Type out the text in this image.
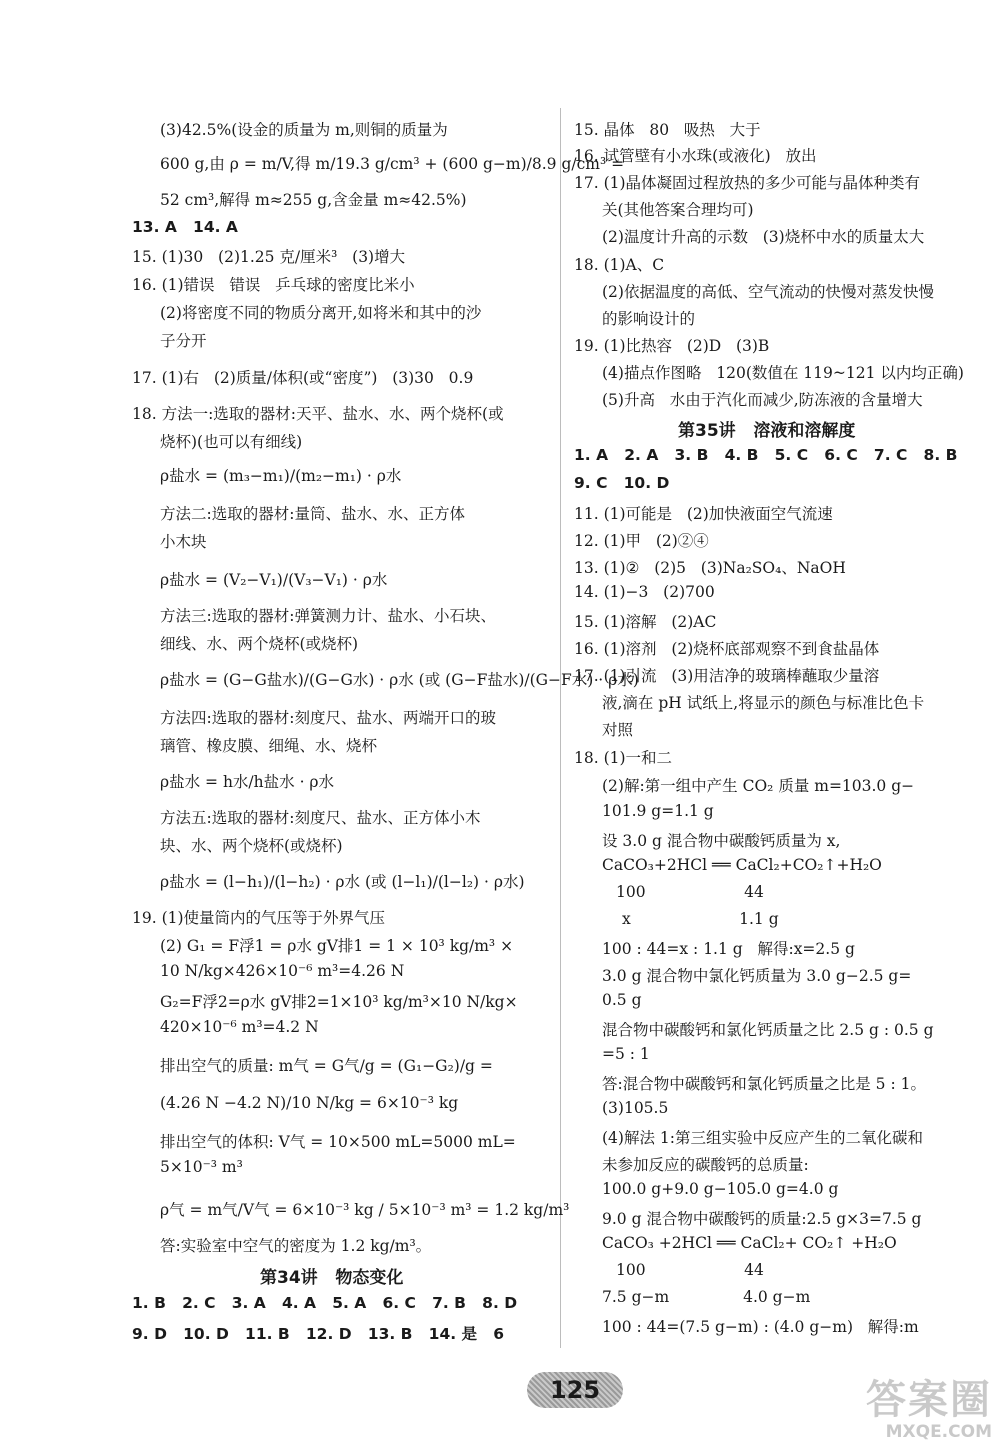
(3)42.5%(设金的质量为 m,则铜的质量为
600 g,由 ρ = m/V,得 m/19.3 g/cm³ + (600 g−m)/8.9 g/cm³ =
52 cm³,解得 m≈255 g,含金量 m≈42.5%)
13. A   14. A
15. (1)30   (2)1.25 克/厘米³   (3)增大
16. (1)错误   错误   乒乓球的密度比米小
(2)将密度不同的物质分离开,如将米和其中的沙
子分开
17. (1)右   (2)质量/体积(或“密度”)   (3)30   0.9
18. 方法一:选取的器材:天平、盐水、水、两个烧杯(或
烧杯)(也可以有细线)
ρ盐水 = (m₃−m₁)/(m₂−m₁) · ρ水
方法二:选取的器材:量筒、盐水、水、正方体
小木块
ρ盐水 = (V₂−V₁)/(V₃−V₁) · ρ水
方法三:选取的器材:弹簧测力计、盐水、小石块、
细线、水、两个烧杯(或烧杯)
ρ盐水 = (G−G盐水)/(G−G水) · ρ水 (或 (G−F盐水)/(G−F水) · ρ水)
方法四:选取的器材:刻度尺、盐水、两端开口的玻
璃管、橡皮膜、细绳、水、烧杯
ρ盐水 = h水/h盐水 · ρ水
方法五:选取的器材:刻度尺、盐水、正方体小木
块、水、两个烧杯(或烧杯)
ρ盐水 = (l−h₁)/(l−h₂) · ρ水 (或 (l−l₁)/(l−l₂) · ρ水)
19. (1)使量筒内的气压等于外界气压
(2) G₁ = F浮1 = ρ水 gV排1 = 1 × 10³ kg/m³ ×
10 N/kg×426×10⁻⁶ m³=4.26 N
G₂=F浮2=ρ水 gV排2=1×10³ kg/m³×10 N/kg×
420×10⁻⁶ m³=4.2 N
排出空气的质量: m气 = G气/g = (G₁−G₂)/g =
(4.26 N −4.2 N)/10 N/kg = 6×10⁻³ kg
排出空气的体积: V气 = 10×500 mL=5000 mL=
5×10⁻³ m³
ρ气 = m气/V气 = 6×10⁻³ kg / 5×10⁻³ m³ = 1.2 kg/m³
答:实验室中空气的密度为 1.2 kg/m³。
第34讲   物态变化
1. B   2. C   3. A   4. A   5. A   6. C   7. B   8. D
9. D   10. D   11. B   12. D   13. B   14. 是   6
15. 晶体   80   吸热   大于
16. 试管壁有小水珠(或液化)   放出
17. (1)晶体凝固过程放热的多少可能与晶体种类有
关(其他答案合理均可)
(2)温度计升高的示数   (3)烧杯中水的质量太大
18. (1)A、C
(2)依据温度的高低、空气流动的快慢对蒸发快慢
的影响设计的
19. (1)比热容   (2)D   (3)B
(4)描点作图略   120(数值在 119~121 以内均正确)
(5)升高   水由于汽化而减少,防冻液的含量增大
第35讲   溶液和溶解度
1. A   2. A   3. B   4. B   5. C   6. C   7. C   8. B
9. C   10. D
11. (1)可能是   (2)加快液面空气流速
12. (1)甲   (2)②④
13. (1)②   (2)5   (3)Na₂SO₄、NaOH
14. (1)−3   (2)700
15. (1)溶解   (2)AC
16. (1)溶剂   (2)烧杯底部观察不到食盐晶体
17. (1)引流   (3)用洁净的玻璃棒蘸取少量溶
液,滴在 pH 试纸上,将显示的颜色与标准比色卡
对照
18. (1)一和二
(2)解:第一组中产生 CO₂ 质量 m=103.0 g−
101.9 g=1.1 g
设 3.0 g 混合物中碳酸钙质量为 x,
CaCO₃+2HCl ══ CaCl₂+CO₂↑+H₂O
100                    44
x                      1.1 g
100 : 44=x : 1.1 g   解得:x=2.5 g
3.0 g 混合物中氯化钙质量为 3.0 g−2.5 g=
0.5 g
混合物中碳酸钙和氯化钙质量之比 2.5 g : 0.5 g
=5 : 1
答:混合物中碳酸钙和氯化钙质量之比是 5 : 1。
(3)105.5
(4)解法 1:第三组实验中反应产生的二氧化碳和
未参加反应的碳酸钙的总质量:
100.0 g+9.0 g−105.0 g=4.0 g
9.0 g 混合物中碳酸钙的质量:2.5 g×3=7.5 g
CaCO₃ +2HCl ══ CaCl₂+ CO₂↑ +H₂O
100                    44
7.5 g−m               4.0 g−m
100 : 44=(7.5 g−m) : (4.0 g−m)   解得:m
125	答案圈
MXQE.COM
